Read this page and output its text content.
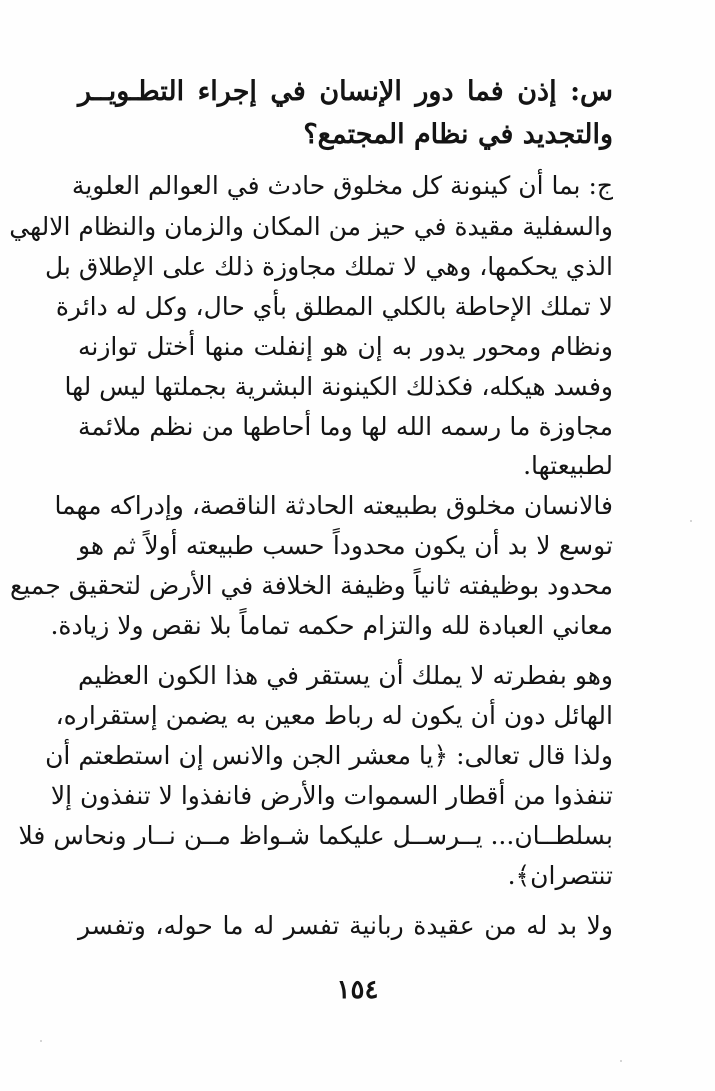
س: إذن فما دور الإنسان في إجراء التطـويــر
والتجديد في نظام المجتمع؟
ج: بما أن كينونة كل مخلوق حادث في العوالم العلوية
والسفلية مقيدة في حيز من المكان والزمان والنظام الالهي
الذي يحكمها، وهي لا تملك مجاوزة ذلك على الإطلاق بل
لا تملك الإحاطة بالكلي المطلق بأي حال، وكل له دائرة
ونظام ومحور يدور به إن هو إنفلت منها أختل توازنه
وفسد هيكله، فكذلك الكينونة البشرية بجملتها ليس لها
مجاوزة ما رسمه الله لها وما أحاطها من نظم ملائمة
لطبيعتها.
فالانسان مخلوق بطبيعته الحادثة الناقصة، وإدراكه مهما
توسع لا بد أن يكون محدوداً حسب طبيعته أولاً ثم هو
محدود بوظيفته ثانياً وظيفة الخلافة في الأرض لتحقيق جميع
معاني العبادة لله والتزام حكمه تماماً بلا نقص ولا زيادة.
وهو بفطرته لا يملك أن يستقر في هذا الكون العظيم
الهائل دون أن يكون له رباط معين به يضمن إستقراره،
ولذا قال تعالى: ﴿يا معشر الجن والانس إن استطعتم أن
تنفذوا من أقطار السموات والأرض فانفذوا لا تنفذون إلا
بسلطــان... يــرســل عليكما شـواظ مــن نــار ونحاس فلا
تنتصران﴾.
ولا بد له من عقيدة ربانية تفسر له ما حوله، وتفسر
١٥٤
